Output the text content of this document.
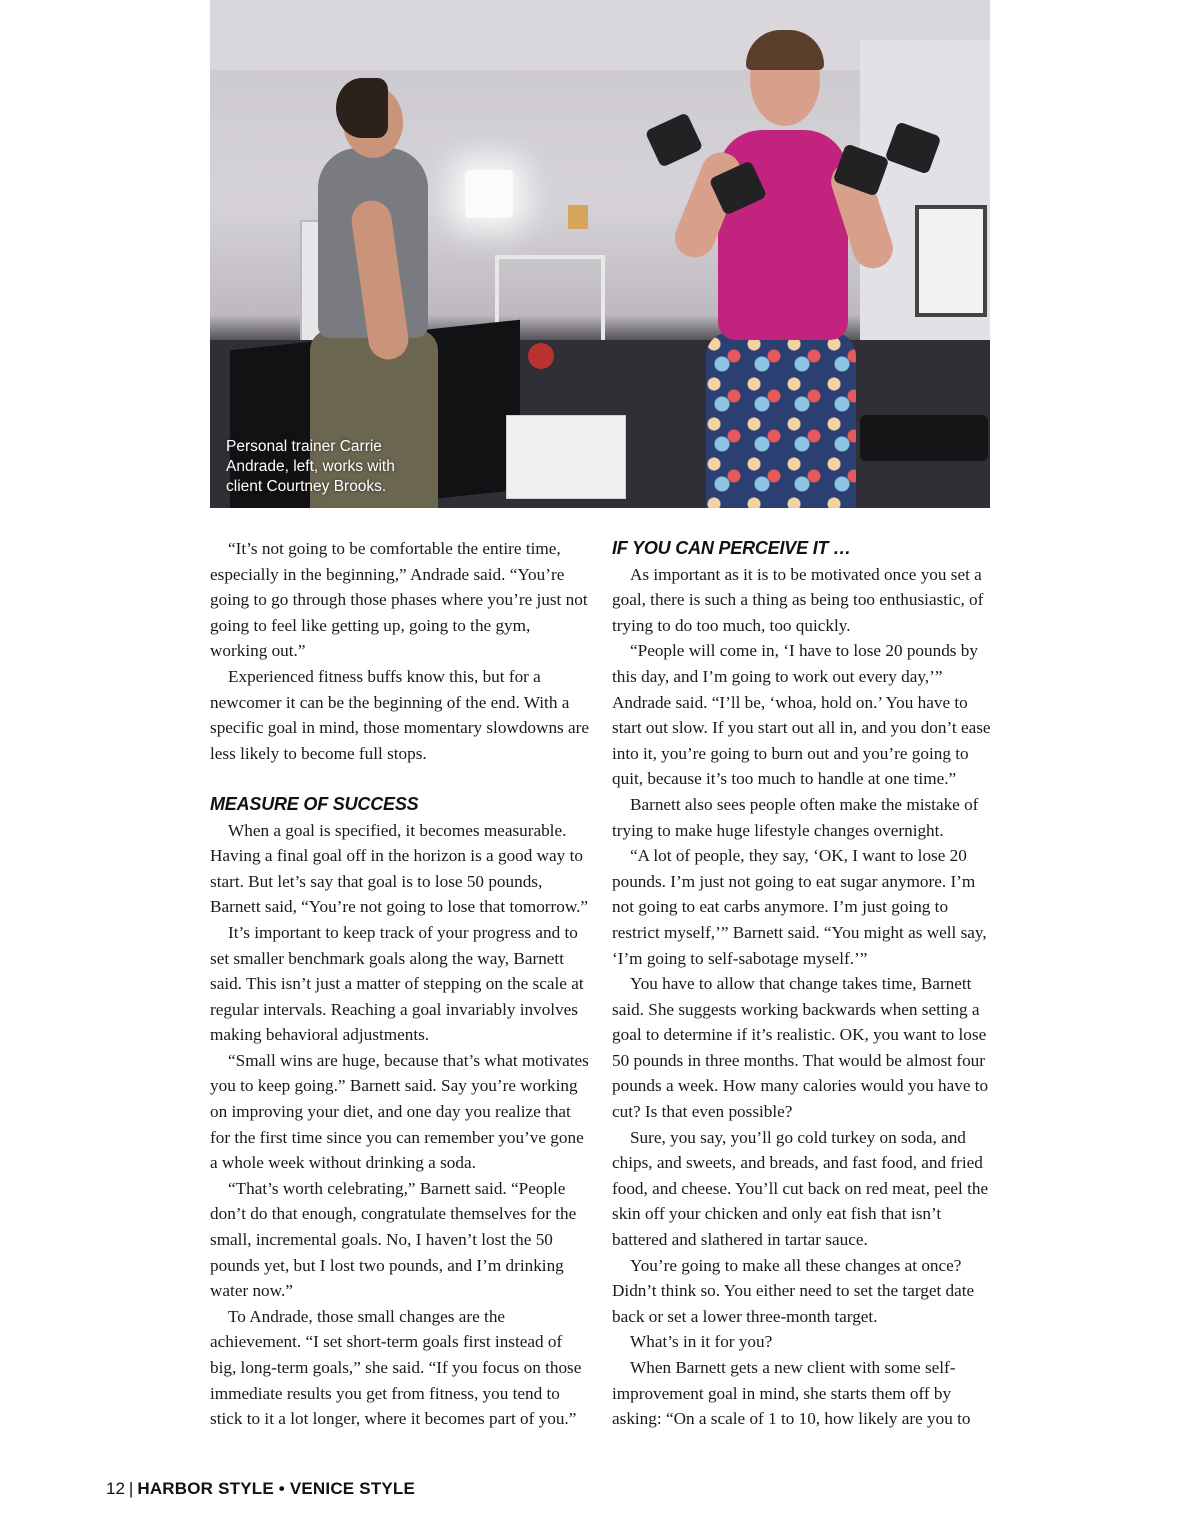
Personal trainer Carrie Andrade, left, works with client Courtney Brooks.

“It’s not going to be comfortable the entire time, especially in the beginning,” Andrade said. “You’re going to go through those phases where you’re just not going to feel like getting up, going to the gym, working out.”

Experienced fitness buffs know this, but for a newcomer it can be the beginning of the end. With a specific goal in mind, those momentary slowdowns are less likely to become full stops.

MEASURE OF SUCCESS

When a goal is specified, it becomes measurable. Having a final goal off in the horizon is a good way to start. But let’s say that goal is to lose 50 pounds, Barnett said, “You’re not going to lose that tomorrow.”

It’s important to keep track of your progress and to set smaller benchmark goals along the way, Barnett said. This isn’t just a matter of stepping on the scale at regular intervals. Reaching a goal invariably involves making behavioral adjustments.

“Small wins are huge, because that’s what motivates you to keep going.” Barnett said. Say you’re working on improving your diet, and one day you realize that for the first time since you can remember you’ve gone a whole week without drinking a soda.

“That’s worth celebrating,” Barnett said. “People don’t do that enough, congratulate themselves for the small, incremental goals. No, I haven’t lost the 50 pounds yet, but I lost two pounds, and I’m drinking water now.”

To Andrade, those small changes are the achievement. “I set short-term goals first instead of big, long-term goals,” she said. “If you focus on those immediate results you get from fitness, you tend to stick to it a lot longer, where it becomes part of you.”

IF YOU CAN PERCEIVE IT …

As important as it is to be motivated once you set a goal, there is such a thing as being too enthusiastic, of trying to do too much, too quickly.

“People will come in, ‘I have to lose 20 pounds by this day, and I’m going to work out every day,’” Andrade said. “I’ll be, ‘whoa, hold on.’ You have to start out slow. If you start out all in, and you don’t ease into it, you’re going to burn out and you’re going to quit, because it’s too much to handle at one time.”

Barnett also sees people often make the mistake of trying to make huge lifestyle changes overnight.

“A lot of people, they say, ‘OK, I want to lose 20 pounds. I’m just not going to eat sugar anymore. I’m not going to eat carbs anymore. I’m just going to restrict myself,’” Barnett said. “You might as well say, ‘I’m going to self-sabotage myself.’”

You have to allow that change takes time, Barnett said. She suggests working backwards when setting a goal to determine if it’s realistic. OK, you want to lose 50 pounds in three months. That would be almost four pounds a week. How many calories would you have to cut? Is that even possible?

Sure, you say, you’ll go cold turkey on soda, and chips, and sweets, and breads, and fast food, and fried food, and cheese. You’ll cut back on red meat, peel the skin off your chicken and only eat fish that isn’t battered and slathered in tartar sauce.

You’re going to make all these changes at once? Didn’t think so. You either need to set the target date back or set a lower three-month target.

What’s in it for you?

When Barnett gets a new client with some self-improvement goal in mind, she starts them off by asking: “On a scale of 1 to 10, how likely are you to

12 | HARBOR STYLE • VENICE STYLE
